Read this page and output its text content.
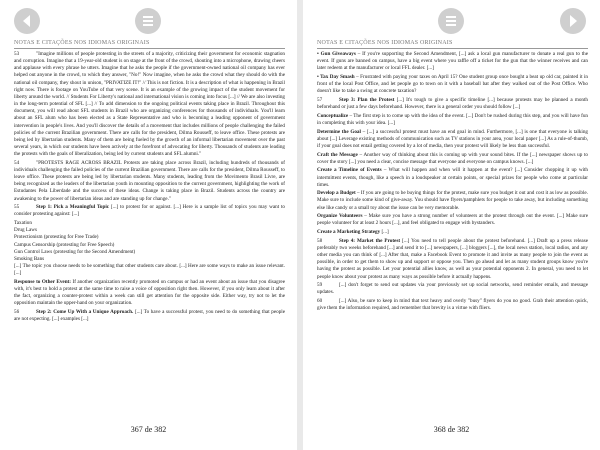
NOTAS E CITAÇÕES NOS IDIOMAS ORIGINAIS

53	"Imagine millions of people protesting in the streets of a majority, criticizing their government for economic stagnation and corruption. Imagine that a 19-year-old student is on stage at the front of the crowd, shouting into a microphone, drawing cheers and applause with every phrase he utters. Imagine that he asks the people if the government-owned national oil company has ever helped out anyone in the crowd, to which they answer, "No!" Now imagine, when he asks the crowd what they should do with the national oil company, they shout in unison, "PRIVATIZE IT!" // This is not fiction. It is a description of what is happening in Brazil right now. There is footage on YouTube of that very scene. It is an example of the growing impact of the student movement for liberty around the world. // Students For Liberty's national and international vision is coming into focus [...] // We are also investing in the long-term potential of SFL [...] // To add dimension to the ongoing political events taking place in Brazil. Throughout this document, you will read about SFL students in Brazil who are organizing conferences for thousands of individuals. You'll learn about an SFL alum who has been elected as a State Representative and who is becoming a leading opponent of government intervention in people's lives. And you'll discover the details of a movement that includes millions of people challenging the failed policies of the current Brazilian government. There are calls for the president, Dilma Rousseff, to leave office. These protests are being led by libertarian students. Many of them are being fueled by the growth of an informal libertarian movement over the past several years, in which our students have been actively at the forefront of advocating for liberty. Thousands of students are leading the protests with the goals of liberalization, being led by current students and SFL alumni."

54	"PROTESTS RAGE ACROSS BRAZIL Protests are taking place across Brazil, including hundreds of thousands of individuals challenging the failed policies of the current Brazilian government. There are calls for the president, Dilma Rousseff, to leave office. These protests are being led by libertarian students. Many students, leading from the Movimento Brasil Livre, are being recognized as the leaders of the libertarian youth in mounting opposition to the current government, highlighting the work of Estudantes Pela Liberdade and the success of these ideas. Change is taking place in Brazil. Students across the country are awakening to the power of libertarian ideas and are standing up for change."

55	Step 1: Pick a Meaningful Topic [...] to protest for or against. [...] Here is a sample list of topics you may want to consider protesting against: [...]

Taxation
Drug Laws
Protectionism (protesting for Free Trade)
Campus Censorship (protesting for Free Speech)
Gun Control Laws (protesting for the Second Amendment)
Smoking Bans

[...] The topic you choose needs to be something that other students care about. [...] Here are some ways to make an issue relevant. [...]

Response to Other Event: If another organization recently promoted on campus or had an event about an issue that you disagree with, it's best to hold a protest at the same time to raise a voice of opposition right then. However, if you only learn about it after the fact, organizing a counter-protest within a week can still get attention for the opposite side. Either way, try not to let the opposition maintain the upper-hand on your organization.

56	Step 2: Come Up With a Unique Approach. [...] To have a successful protest, you need to do something that people are not expecting. [...] examples [...]

367 de 382
NOTAS E CITAÇÕES NOS IDIOMAS ORIGINAIS

• Gun Giveaways – If you're supporting the Second Amendment, [...] ask a local gun manufacturer to donate a real gun to the event. If guns are banned on campus, have a big event where you raffle off a ticket for the gun that the winner receives and can later redeem at the manufacturer or local FFL dealer. [...]

• Tax Day Smash – Frustrated with paying your taxes on April 15? One student group once bought a beat up old car, painted it in front of the local Post Office, and let people go to town on it with a baseball bat after they walked out of the Post Office. Who doesn't like to take a swing at concrete taxation?

57	Step 3: Plan the Protest [...] It's tough to give a specific timeline [...] because protests may be planned a month beforehand or just a few days beforehand. However, there is a general order you should follow [...]

Conceptualize – The first step is to come up with the idea of the event. [...] Don't be rushed during this step, and you will have fun in completing this with your idea. [...]

Determine the Goal – [...] a successful protest must have an end goal in mind. Furthermore, [...] is one that everyone is talking about [...] Leverage existing methods of communication such as TV stations in your area, your local paper [...] As a rule-of-thumb, if your goal does not entail getting covered by a lot of media, then your protest will likely be less than successful.

Craft the Message – Another way of thinking about this is coming up with your sound bites. If the [...] newspaper shows up to cover the story [...] you need a clear, concise message that everyone and everyone on campus knows. [...]

Create a Timeline of Events – What will happen and when will it happen at the event? [...] Consider chopping it up with intermittent events, though, like a speech in a loudspeaker at certain points, or special prizes for people who come at particular times.

Develop a Budget – If you are going to be buying things for the protest, make sure you budget it out and cost it as low as possible. Make sure to include some kind of give-away. You should have flyers/pamphlets for people to take away, but including something else like candy or a small toy about the issue can be very memorable.

Organize Volunteers – Make sure you have a strong number of volunteers at the protest through out the event. [...] Make sure people volunteer for at least 2 hours [...], and feel obligated to engage with bystanders.

Create a Marketing Strategy [...]

58	Step 4: Market the Protest [...] You need to tell people about the protest beforehand. [...] Draft up a press release preferably two weeks beforehand [...] and send it to [...] newspapers, [...] bloggers [...], the local news station, local radios, and any other media you can think of [...] After that, make a Facebook Event to promote it and invite as many people to join the event as possible, in order to get them to show up and support or oppose you. Then go ahead and let as many student groups know you're having the protest as possible. Let your potential allies know, as well as your potential opponents 2. In general, you need to let people know about your protest as many ways as possible before it actually happens.

59	[...] don't forget to send out updates via your previously set up social networks, send reminder emails, and message updates.

60	[...] Also, be sure to keep in mind that text heavy and overly "busy" flyers do you no good. Grab their attention quick, give them the information required, and remember that brevity is a virtue with fliers.

368 de 382
